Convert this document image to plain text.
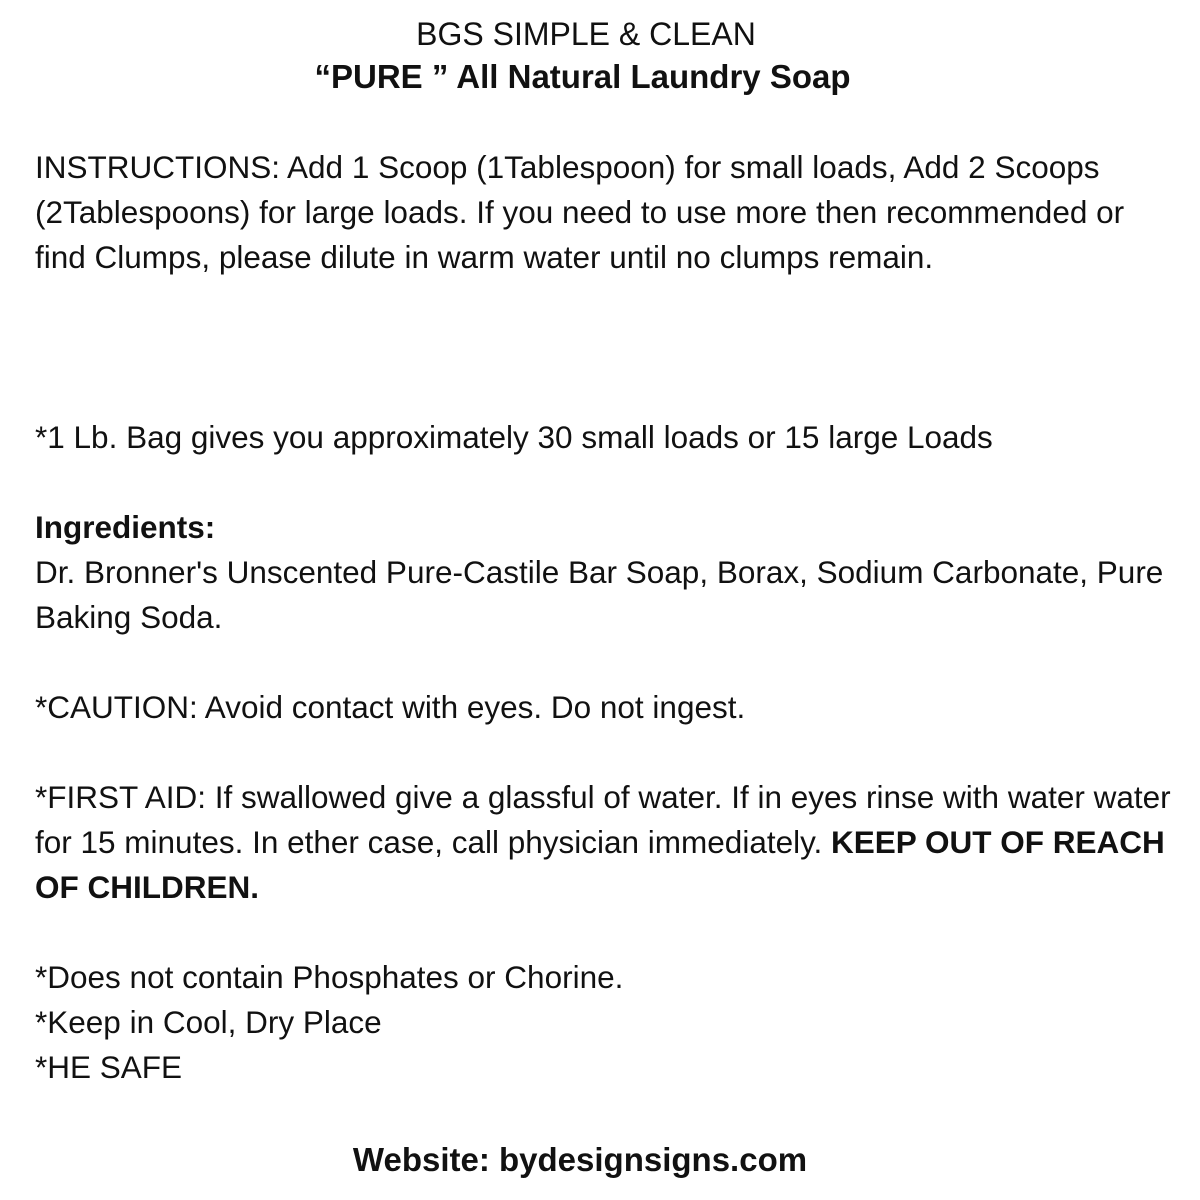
BGS SIMPLE & CLEAN
“PURE ” All Natural Laundry Soap

INSTRUCTIONS: Add 1 Scoop (1Tablespoon) for small loads, Add 2 Scoops (2Tablespoons) for large loads. If you need to use more then recommended or find Clumps, please dilute in warm water until no clumps remain.

*1 Lb. Bag gives you approximately 30 small loads or 15 large Loads

Ingredients:

Dr. Bronner's Unscented Pure-Castile Bar Soap, Borax, Sodium Carbonate, Pure Baking Soda.

*CAUTION: Avoid contact with eyes. Do not ingest.

*FIRST AID: If swallowed give a glassful of water. If in eyes rinse with water water for 15 minutes. In ether case, call physician immediately. KEEP OUT OF REACH OF CHILDREN.

*Does not contain Phosphates or Chorine.
*Keep in Cool, Dry Place
*HE SAFE

Website: bydesignsigns.com
